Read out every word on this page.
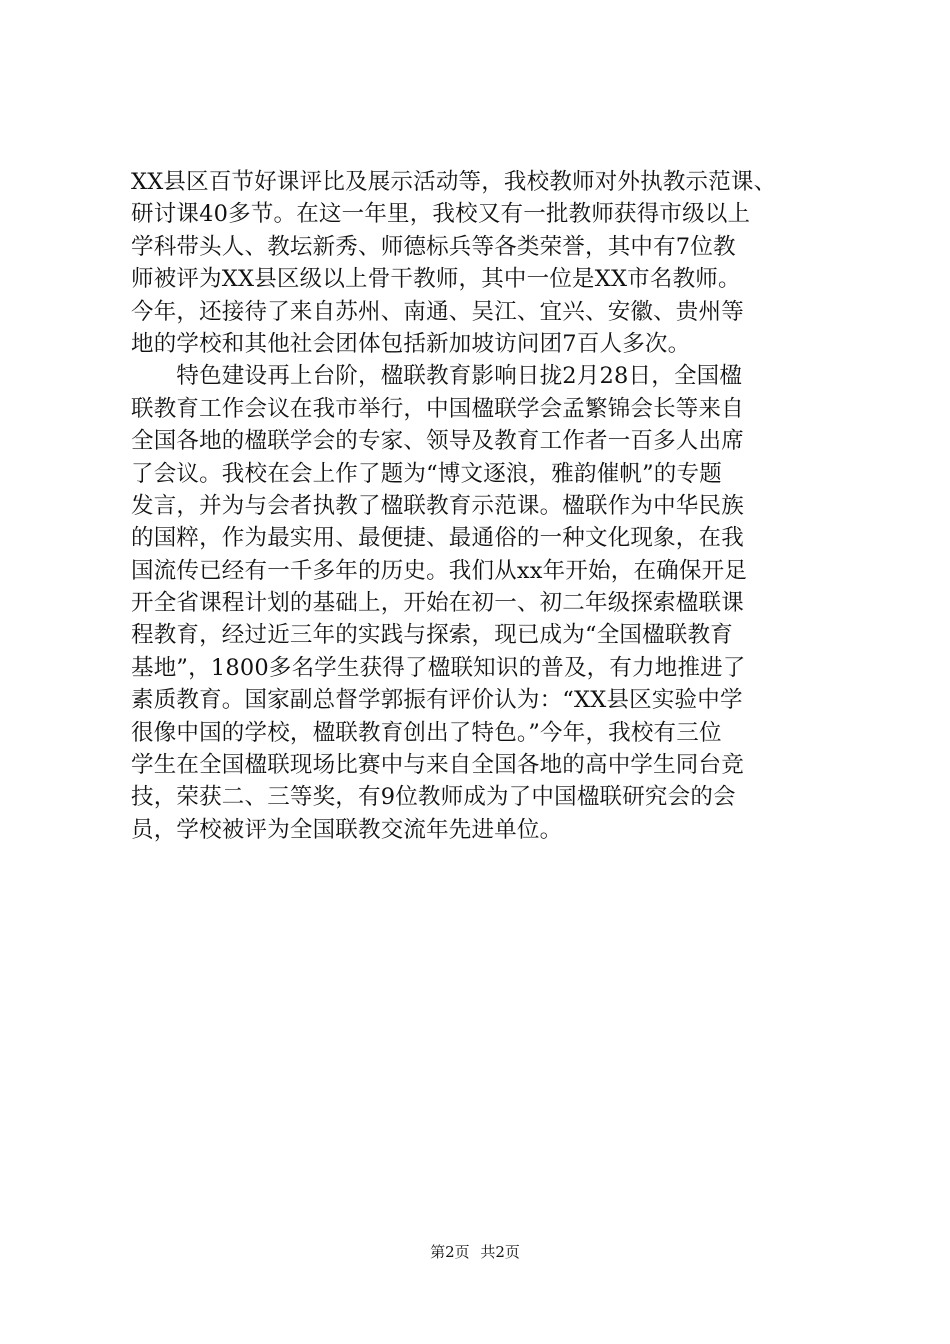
XX县区百节好课评比及展示活动等，我校教师对外执教示范课、
研讨课40多节。在这一年里，我校又有一批教师获得市级以上
学科带头人、教坛新秀、师德标兵等各类荣誉，其中有7位教
师被评为XX县区级以上骨干教师，其中一位是XX市名教师。
今年，还接待了来自苏州、南通、吴江、宜兴、安徽、贵州等
地的学校和其他社会团体包括新加坡访问团7百人多次。
　　特色建设再上台阶，楹联教育影响日拢2月28日，全国楹
联教育工作会议在我市举行，中国楹联学会孟繁锦会长等来自
全国各地的楹联学会的专家、领导及教育工作者一百多人出席
了会议。我校在会上作了题为“博文逐浪，雅韵催帆”的专题
发言，并为与会者执教了楹联教育示范课。楹联作为中华民族
的国粹，作为最实用、最便捷、最通俗的一种文化现象，在我
国流传已经有一千多年的历史。我们从xx年开始，在确保开足
开全省课程计划的基础上，开始在初一、初二年级探索楹联课
程教育，经过近三年的实践与探索，现已成为“全国楹联教育
基地”，1800多名学生获得了楹联知识的普及，有力地推进了
素质教育。国家副总督学郭振有评价认为：“XX县区实验中学
很像中国的学校，楹联教育创出了特色。”今年，我校有三位
学生在全国楹联现场比赛中与来自全国各地的高中学生同台竞
技，荣获二、三等奖，有9位教师成为了中国楹联研究会的会
员，学校被评为全国联教交流年先进单位。
第2页 共2页
